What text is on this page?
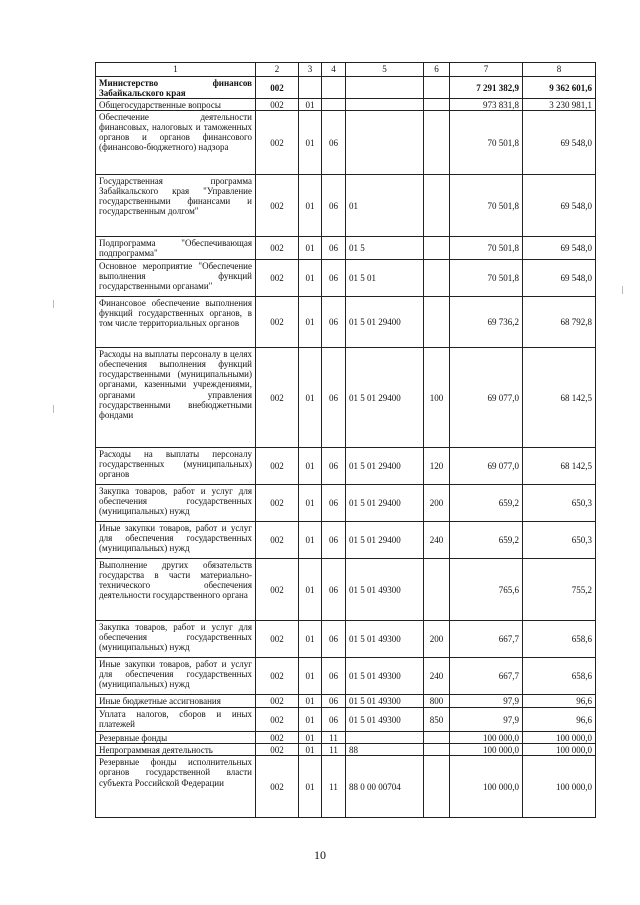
1	2	3	4	5	6	7	8
Министерство финансов Забайкальского края	002					7 291 382,9	9 362 601,6
Общегосударственные вопросы	002	01				973 831,8	3 230 981,1
Обеспечение деятельности финансовых, налоговых и таможенных органов и органов финансового (финансово-бюджетного) надзора	002	01	06			70 501,8	69 548,0
Государственная программа Забайкальского края "Управление государственными финансами и государственным долгом"	002	01	06	01		70 501,8	69 548,0
Подпрограмма "Обеспечивающая подпрограмма"	002	01	06	01 5		70 501,8	69 548,0
Основное мероприятие "Обеспечение выполнения функций государственными органами"	002	01	06	01 5 01		70 501,8	69 548,0
Финансовое обеспечение выполнения функций государственных органов, в том числе территориальных органов	002	01	06	01 5 01 29400		69 736,2	68 792,8
Расходы на выплаты персоналу в целях обеспечения выполнения функций государственными (муниципальными) органами, казенными учреждениями, органами управления государственными внебюджетными фондами	002	01	06	01 5 01 29400	100	69 077,0	68 142,5
Расходы на выплаты персоналу государственных (муниципальных) органов	002	01	06	01 5 01 29400	120	69 077,0	68 142,5
Закупка товаров, работ и услуг для обеспечения государственных (муниципальных) нужд	002	01	06	01 5 01 29400	200	659,2	650,3
Иные закупки товаров, работ и услуг для обеспечения государственных (муниципальных) нужд	002	01	06	01 5 01 29400	240	659,2	650,3
Выполнение других обязательств государства в части материально-технического обеспечения деятельности государственного органа	002	01	06	01 5 01 49300		765,6	755,2
Закупка товаров, работ и услуг для обеспечения государственных (муниципальных) нужд	002	01	06	01 5 01 49300	200	667,7	658,6
Иные закупки товаров, работ и услуг для обеспечения государственных (муниципальных) нужд	002	01	06	01 5 01 49300	240	667,7	658,6
Иные бюджетные ассигнования	002	01	06	01 5 01 49300	800	97,9	96,6
Уплата налогов, сборов и иных платежей	002	01	06	01 5 01 49300	850	97,9	96,6
Резервные фонды	002	01	11			100 000,0	100 000,0
Непрограммная деятельность	002	01	11	88		100 000,0	100 000,0
Резервные фонды исполнительных органов государственной власти субъекта Российской Федерации	002	01	11	88 0 00 00704		100 000,0	100 000,0
10
